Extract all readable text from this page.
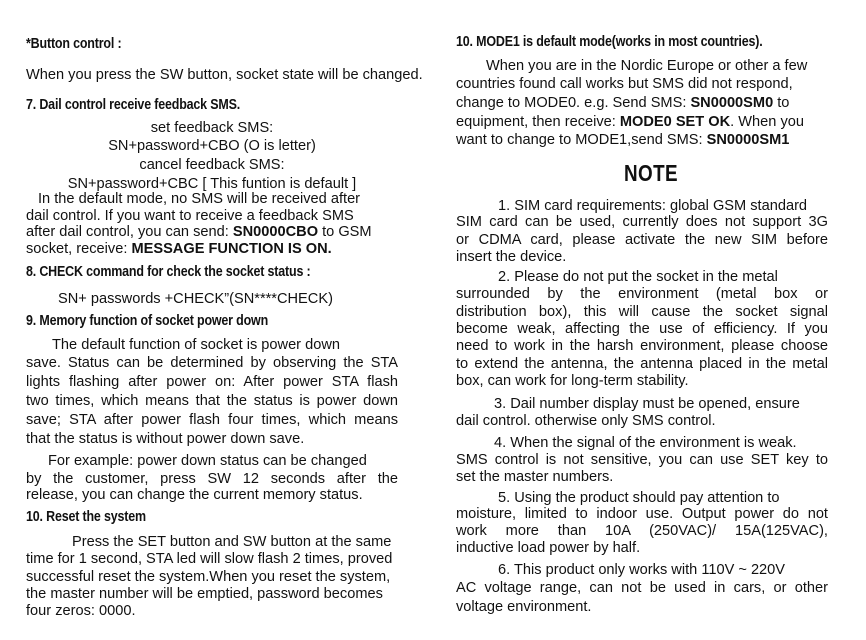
*Button control :
When you press the SW button, socket state will be changed.
7. Dail control receive feedback SMS.
set feedback SMS:
SN+password+CBO (O is letter)
cancel feedback SMS:
SN+password+CBC [ This funtion is default ]
In the default mode, no SMS will be received after
dail control. If you want to receive a feedback SMS
after dail control, you can send: SN0000CBO to GSM
socket, receive: MESSAGE FUNCTION IS ON.
8. CHECK command for check the socket status :
SN+ passwords +CHECK”(SN****CHECK)
9. Memory function of socket power down
The default function of socket is power down
save. Status can be determined by observing the STA
lights flashing after power on: After power STA flash
two times, which means that the status is power down
save; STA after power flash four times, which means
that the status is without power down save.
For example: power down status can be changed
by the customer, press SW 12 seconds after the
release, you can change the current memory status.
10. Reset the system
Press the SET button and SW button at the same
time for 1 second, STA led will slow flash 2 times, proved
successful reset the system.When you reset the system,
the master number will be emptied, password becomes
four zeros: 0000.
10. MODE1 is default mode(works in most countries).
When you are in the Nordic Europe or other a few
countries found call works but SMS did not respond,
change to MODE0. e.g. Send SMS: SN0000SM0 to
equipment, then receive: MODE0 SET OK. When you
want to change to MODE1,send SMS: SN0000SM1
NOTE
1. SIM card requirements: global GSM standard
SIM card can be used, currently does not support 3G
or CDMA card, please activate the new SIM before
insert the device.
2. Please do not put the socket in the metal
surrounded by the environment (metal box or
distribution box), this will cause the socket signal
become weak, affecting the use of efficiency. If you
need to work in the harsh environment, please choose
to extend the antenna, the antenna placed in the metal
box, can work for long-term stability.
3. Dail number display must be opened, ensure
dail control. otherwise only SMS control.
4. When the signal of the environment is weak.
SMS control is not sensitive, you can use SET key to
set the master numbers.
5. Using the product should pay attention to
moisture, limited to indoor use. Output power do not
work more than 10A (250VAC)/ 15A(125VAC),
inductive load power by half.
6. This product only works with 110V ~ 220V
AC voltage range, can not be used in cars, or other
voltage environment.
